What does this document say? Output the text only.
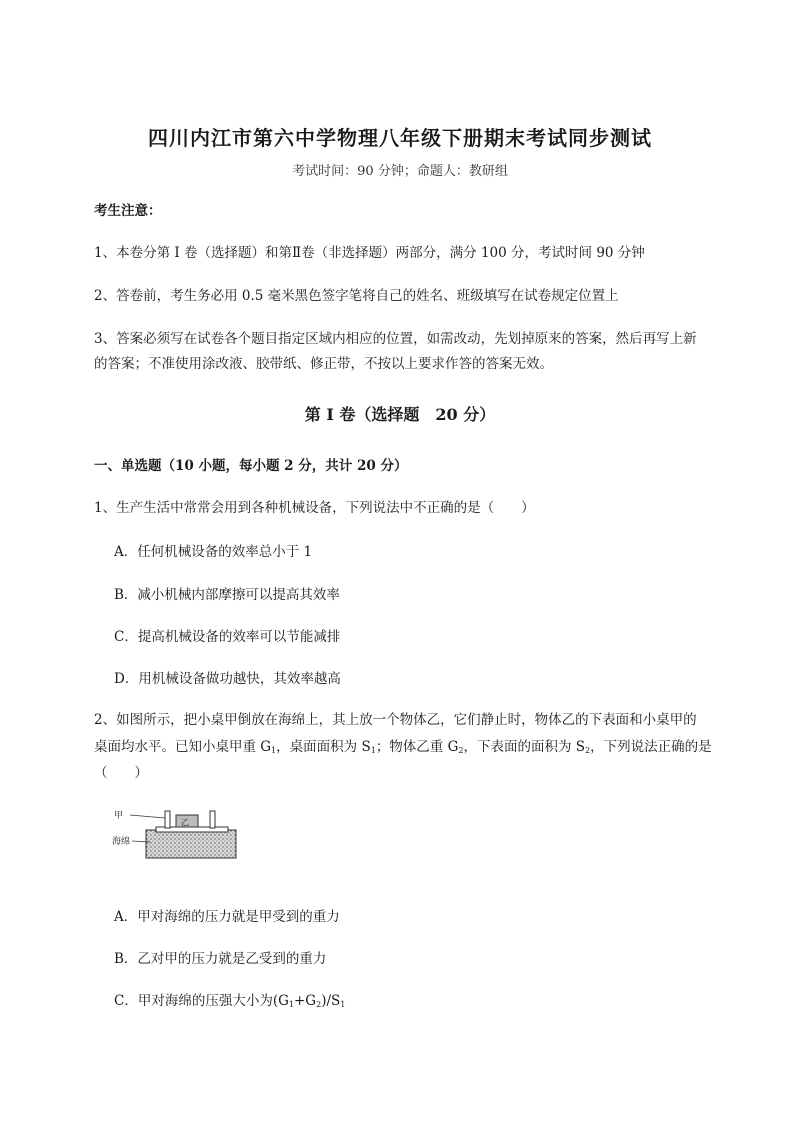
四川内江市第六中学物理八年级下册期末考试同步测试
考试时间：90 分钟；命题人：教研组
考生注意：
1、本卷分第 I 卷（选择题）和第Ⅱ卷（非选择题）两部分，满分 100 分，考试时间 90 分钟
2、答卷前，考生务必用 0.5 毫米黑色签字笔将自己的姓名、班级填写在试卷规定位置上
3、答案必须写在试卷各个题目指定区域内相应的位置，如需改动，先划掉原来的答案，然后再写上新
的答案；不准使用涂改液、胶带纸、修正带，不按以上要求作答的答案无效。
第 I 卷（选择题　20 分）
一、单选题（10 小题，每小题 2 分，共计 20 分）
1、生产生活中常常会用到各种机械设备，下列说法中不正确的是（　　）
A．任何机械设备的效率总小于 1
B．减小机械内部摩擦可以提高其效率
C．提高机械设备的效率可以节能减排
D．用机械设备做功越快，其效率越高
2、如图所示，把小桌甲倒放在海绵上，其上放一个物体乙，它们静止时，物体乙的下表面和小桌甲的
桌面均水平。已知小桌甲重 $G_1$，桌面面积为 $S_1$；物体乙重 $G_2$，下表面的面积为 $S_2$，下列说法正确的是
（　　）
甲
乙
海绵
A．甲对海绵的压力就是甲受到的重力
B．乙对甲的压力就是乙受到的重力
C．甲对海绵的压强大小为$(G_1+G_2)/S_1$
